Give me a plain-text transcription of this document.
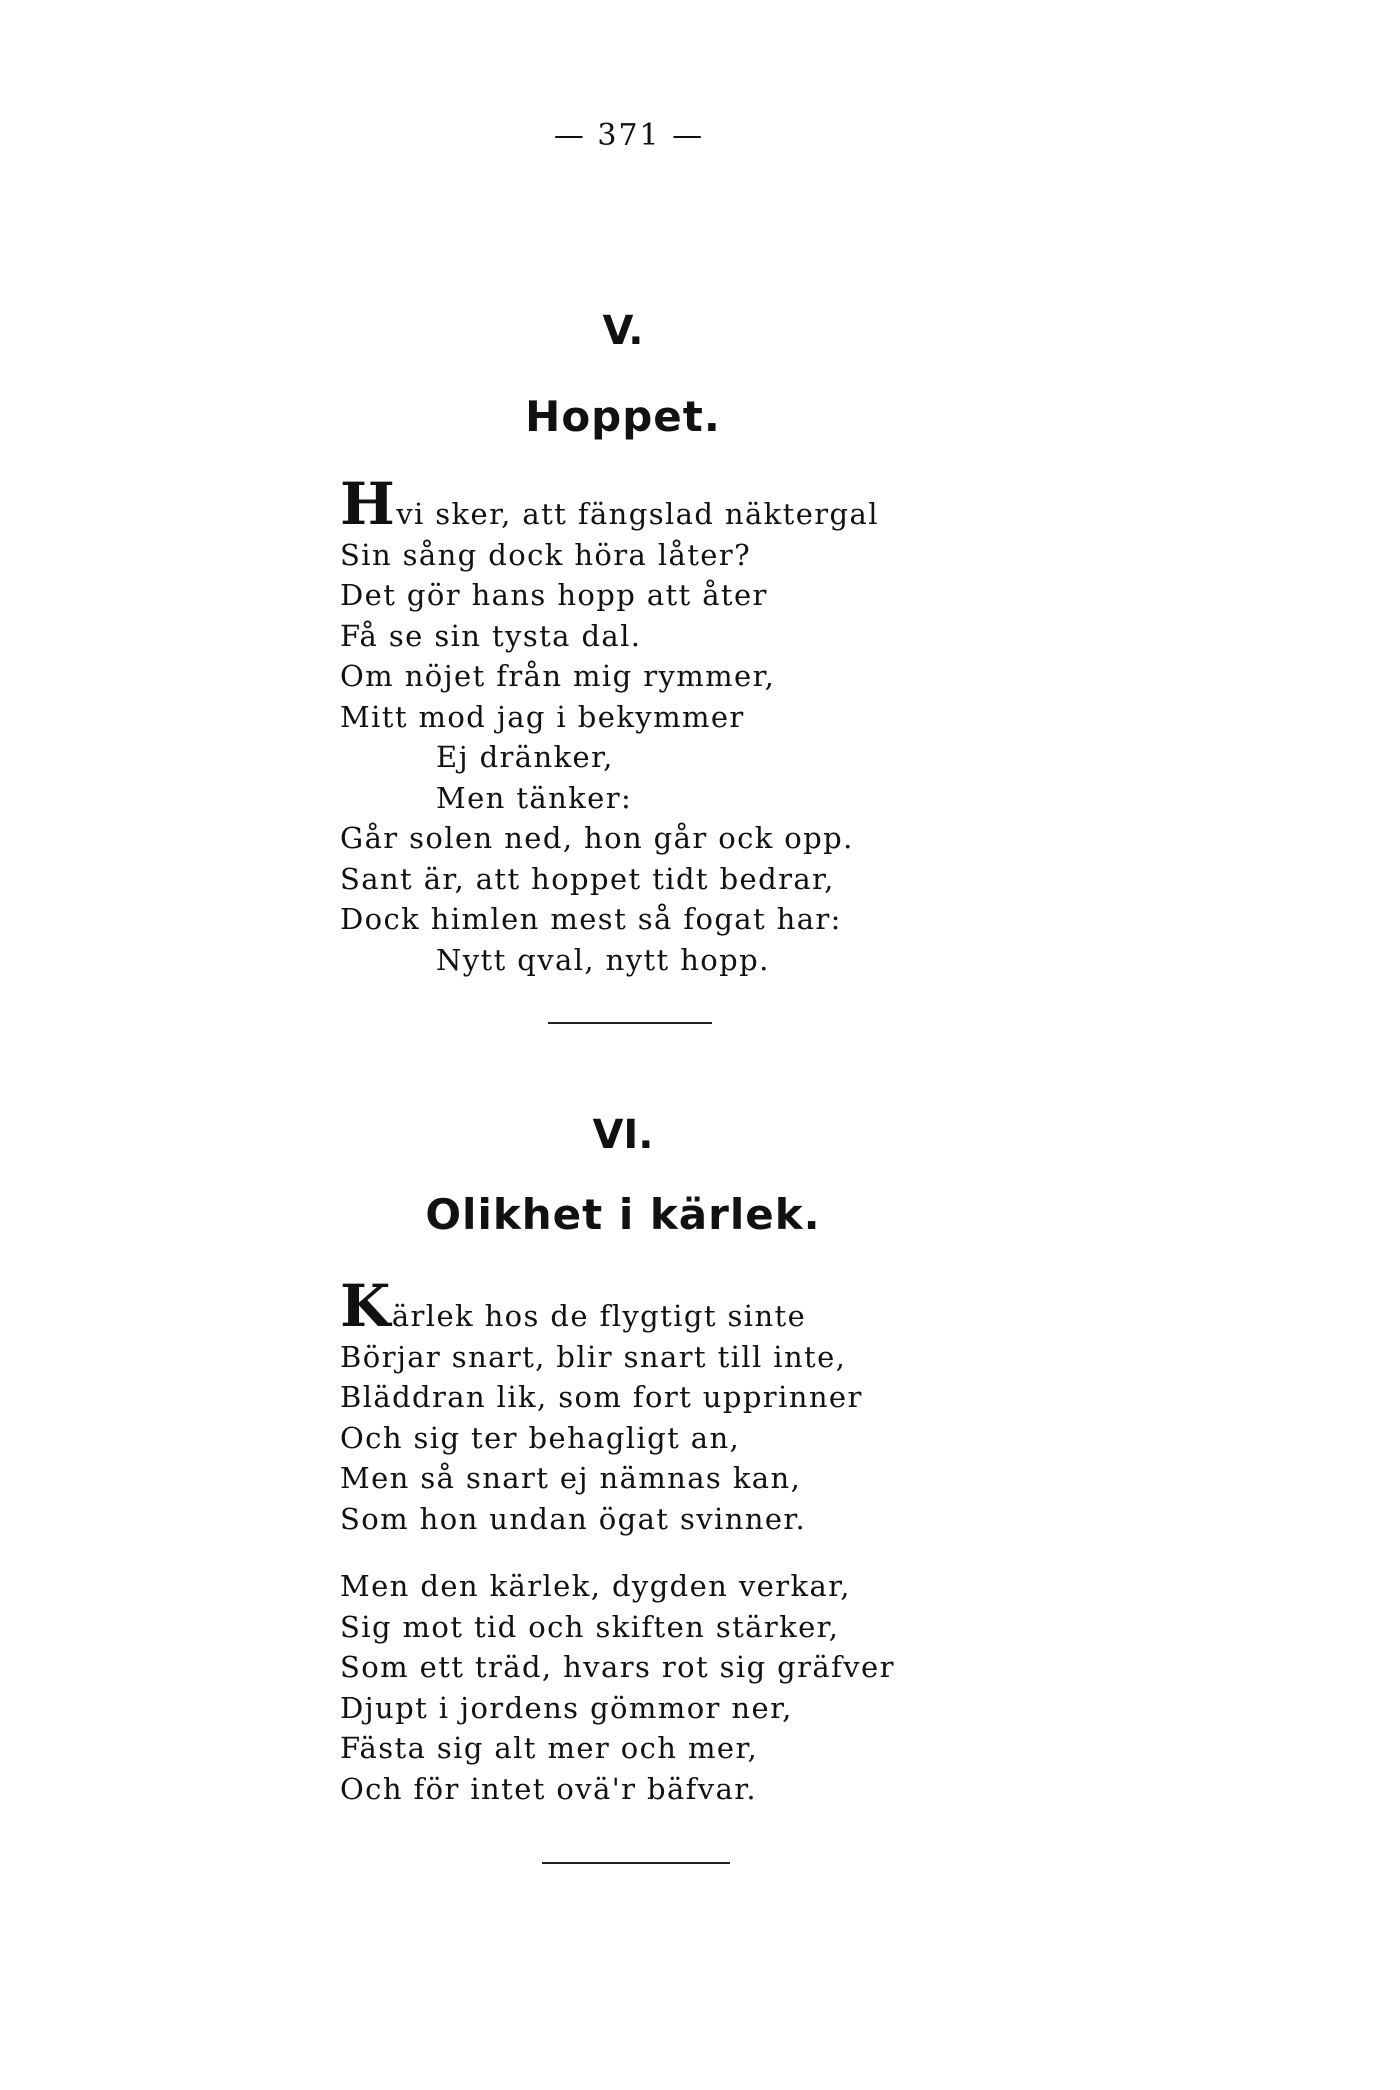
— 371 —
V.
Hoppet.
Hvi sker, att fängslad näktergal
Sin sång dock höra låter?
Det gör hans hopp att åter
Få se sin tysta dal.
Om nöjet från mig rymmer,
Mitt mod jag i bekymmer
Ej dränker,
Men tänker:
Går solen ned, hon går ock opp.
Sant är, att hoppet tidt bedrar,
Dock himlen mest så fogat har:
Nytt qval, nytt hopp.
VI.
Olikhet i kärlek.
Kärlek hos de flygtigt sinte
Börjar snart, blir snart till inte,
Bläddran lik, som fort upprinner
Och sig ter behagligt an,
Men så snart ej nämnas kan,
Som hon undan ögat svinner.
Men den kärlek, dygden verkar,
Sig mot tid och skiften stärker,
Som ett träd, hvars rot sig gräfver
Djupt i jordens gömmor ner,
Fästa sig alt mer och mer,
Och för intet ovä'r bäfvar.
